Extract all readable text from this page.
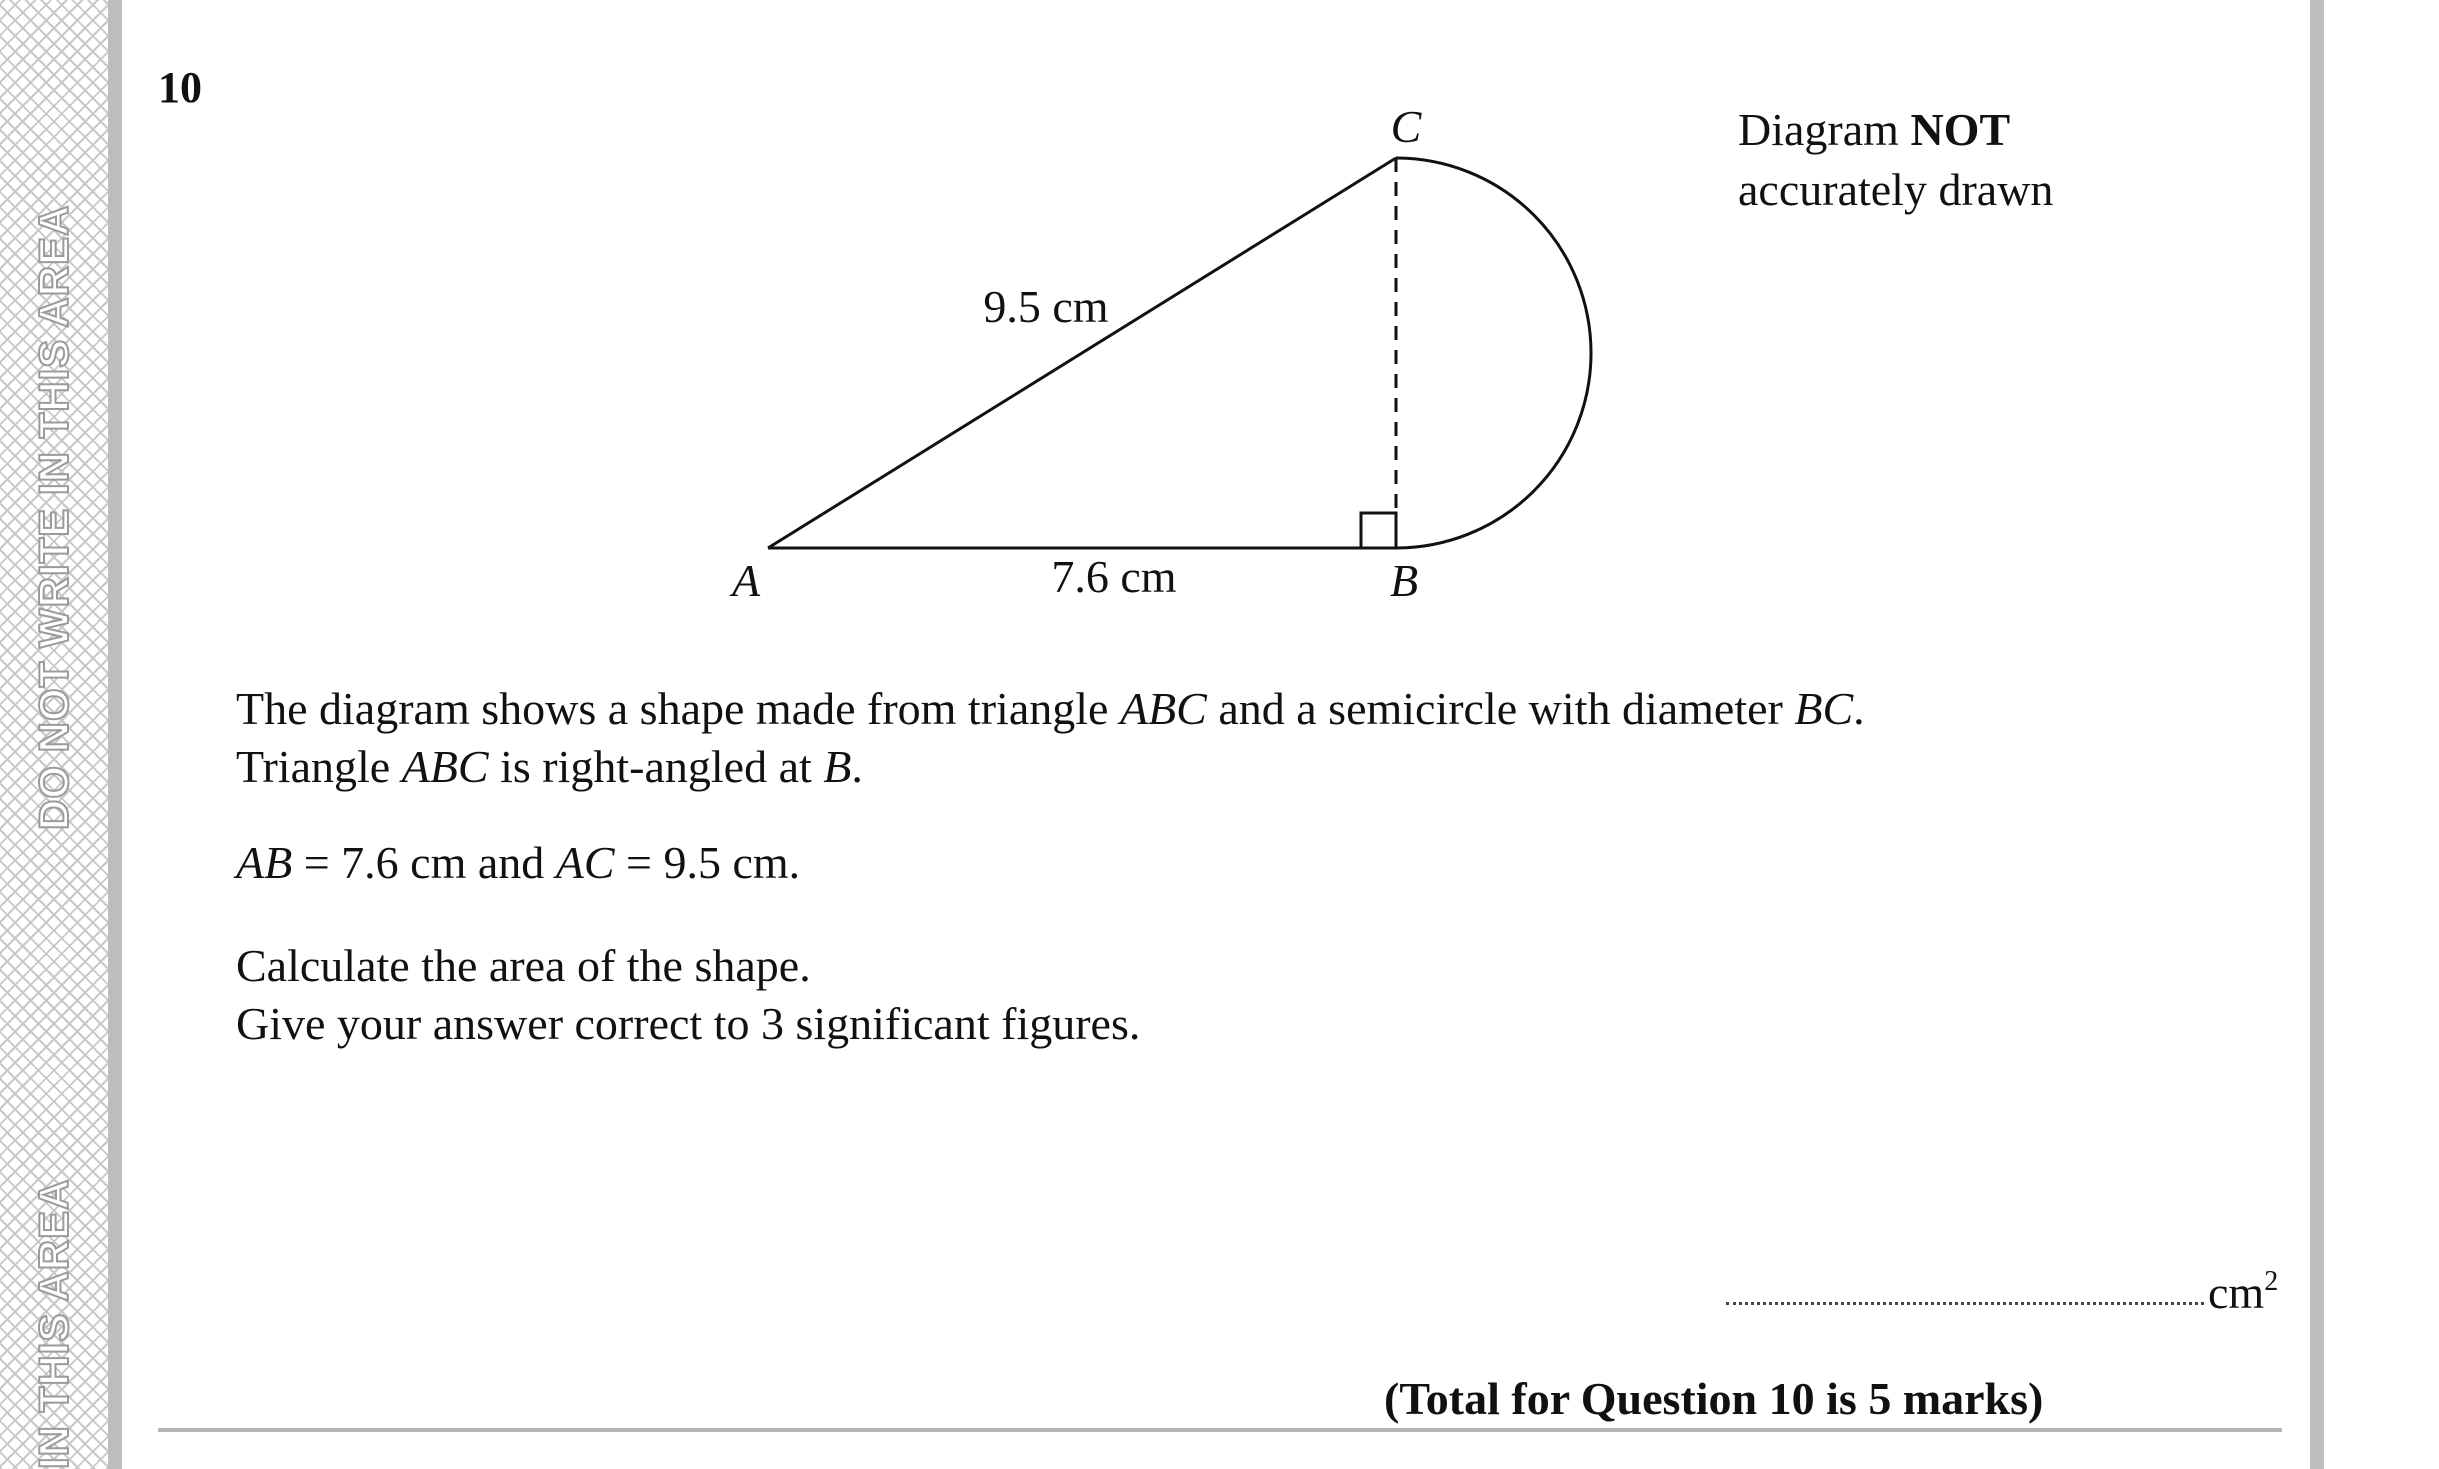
DO NOT WRITE IN THIS AREA
IN THIS AREA
10
Diagram NOT
accurately drawn
C
A	B
9.5 cm
7.6 cm
The diagram shows a shape made from triangle ABC and a semicircle with diameter BC.
Triangle ABC is right-angled at B.
AB = 7.6 cm and AC = 9.5 cm.
Calculate the area of the shape.
Give your answer correct to 3 significant figures.
$cm^2$
(Total for Question 10 is 5 marks)
